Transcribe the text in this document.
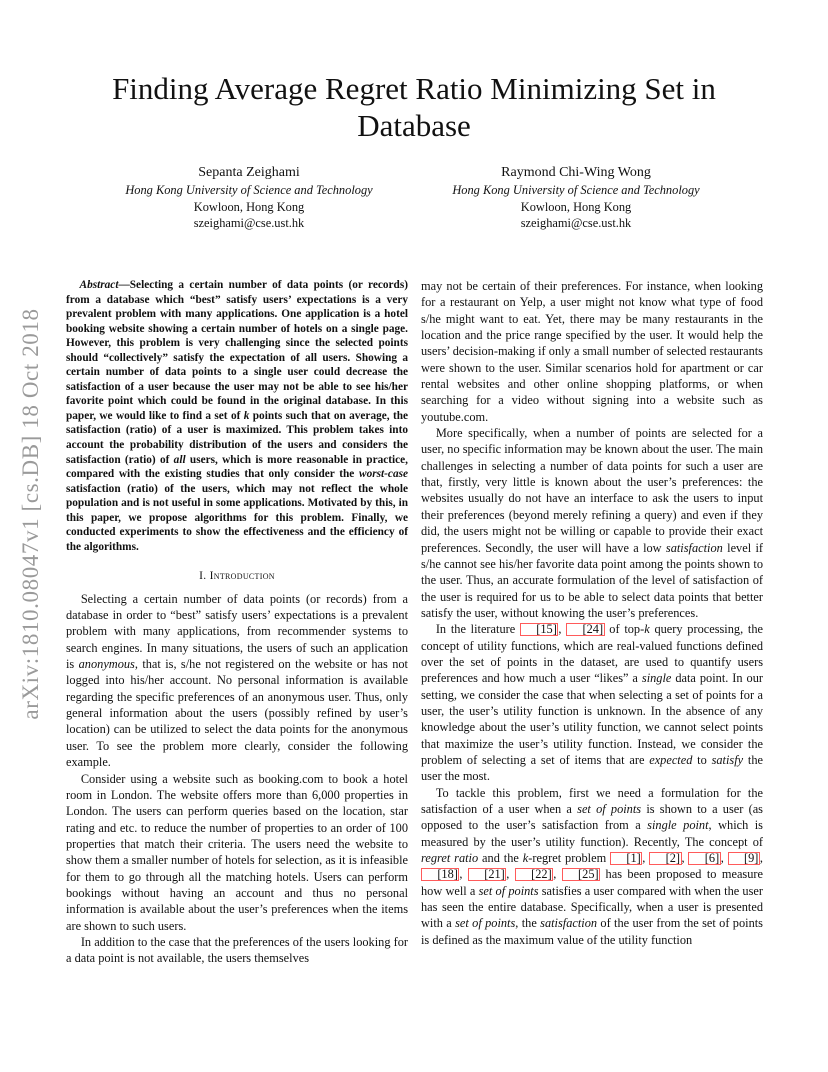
Finding Average Regret Ratio Minimizing Set in Database
Sepanta Zeighami
Hong Kong University of Science and Technology
Kowloon, Hong Kong
szeighami@cse.ust.hk
Raymond Chi-Wing Wong
Hong Kong University of Science and Technology
Kowloon, Hong Kong
szeighami@cse.ust.hk
arXiv:1810.08047v1 [cs.DB] 18 Oct 2018

Abstract—Selecting a certain number of data points (or records) from a database which “best” satisfy users’ expectations is a very prevalent problem with many applications. One application is a hotel booking website showing a certain number of hotels on a single page. However, this problem is very challenging since the selected points should “collectively” satisfy the expectation of all users. Showing a certain number of data points to a single user could decrease the satisfaction of a user because the user may not be able to see his/her favorite point which could be found in the original database. In this paper, we would like to find a set of k points such that on average, the satisfaction (ratio) of a user is maximized. This problem takes into account the probability distribution of the users and considers the satisfaction (ratio) of all users, which is more reasonable in practice, compared with the existing studies that only consider the worst-case satisfaction (ratio) of the users, which may not reflect the whole population and is not useful in some applications. Motivated by this, in this paper, we propose algorithms for this problem. Finally, we conducted experiments to show the effectiveness and the efficiency of the algorithms.

I. Introduction

Selecting a certain number of data points (or records) from a database in order to “best” satisfy users’ expectations is a prevalent problem with many applications, from recommender systems to search engines. In many situations, the users of such an application is anonymous, that is, s/he not registered on the website or has not logged into his/her account. No personal information is available regarding the specific preferences of an anonymous user. Thus, only general information about the users (possibly refined by user’s location) can be utilized to select the data points for the anonymous user. To see the problem more clearly, consider the following example.

Consider using a website such as booking.com to book a hotel room in London. The website offers more than 6,000 properties in London. The users can perform queries based on the location, star rating and etc. to reduce the number of properties to an order of 100 properties that match their criteria. The users need the website to show them a smaller number of hotels for selection, as it is infeasible for them to go through all the matching hotels. Users can perform bookings without having an account and thus no personal information is available about the user’s preferences when the items are shown to such users.

In addition to the case that the preferences of the users looking for a data point is not available, the users themselves

may not be certain of their preferences. For instance, when looking for a restaurant on Yelp, a user might not know what type of food s/he might want to eat. Yet, there may be many restaurants in the location and the price range specified by the user. It would help the users’ decision-making if only a small number of selected restaurants were shown to the user. Similar scenarios hold for apartment or car rental websites and other online shopping platforms, or when searching for a video without signing into a website such as youtube.com.

More specifically, when a number of points are selected for a user, no specific information may be known about the user. The main challenges in selecting a number of data points for such a user are that, firstly, very little is known about the user’s preferences: the websites usually do not have an interface to ask the users to input their preferences (beyond merely refining a query) and even if they did, the users might not be willing or capable to provide their exact preferences. Secondly, the user will have a low satisfaction level if s/he cannot see his/her favorite data point among the points shown to the user. Thus, an accurate formulation of the level of satisfaction of the user is required for us to be able to select data points that better satisfy the user, without knowing the user’s preferences.

In the literature [15] , [24] of top-k query processing, the concept of utility functions, which are real-valued functions defined over the set of points in the dataset, are used to quantify users preferences and how much a user “likes” a single data point. In our setting, we consider the case that when selecting a set of points for a user, the user’s utility function is unknown. In the absence of any knowledge about the user’s utility function, we cannot select points that maximize the user’s utility function. Instead, we consider the problem of selecting a set of items that are expected to satisfy the user the most.

To tackle this problem, first we need a formulation for the satisfaction of a user when a set of points is shown to a user (as opposed to the user’s satisfaction from a single point, which is measured by the user’s utility function). Recently, The concept of regret ratio and the k-regret problem [1] , [2] , [6] , [9] , [18] , [21] , [22] , [25] has been proposed to measure how well a set of points satisfies a user compared with when the user has seen the entire database. Specifically, when a user is presented with a set of points, the satisfaction of the user from the set of points is defined as the maximum value of the utility function
